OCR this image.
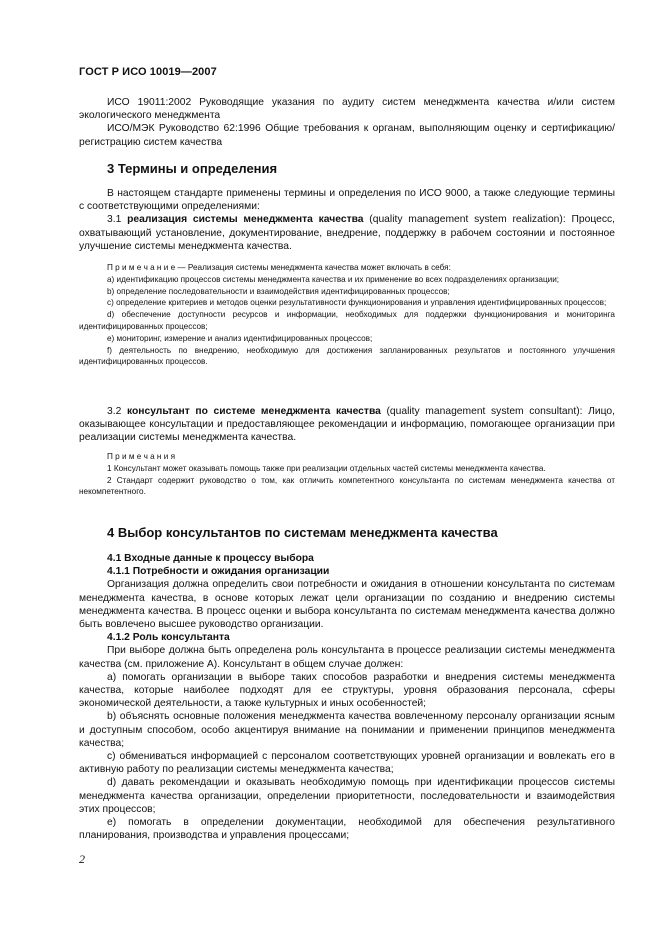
ГОСТ Р ИСО 10019—2007

ИСО 19011:2002 Руководящие указания по аудиту систем менеджмента качества и/или систем экологического менеджмента

ИСО/МЭК Руководство 62:1996 Общие требования к органам, выполняющим оценку и сертификацию/регистрацию систем качества

3 Термины и определения

В настоящем стандарте применены термины и определения по ИСО 9000, а также следующие термины с соответствующими определениями:

3.1 реализация системы менеджмента качества (quality management system realization): Процесс, охватывающий установление, документирование, внедрение, поддержку в рабочем состоянии и постоянное улучшение системы менеджмента качества.

П р и м е ч а н и е — Реализация системы менеджмента качества может включать в себя:

a) идентификацию процессов системы менеджмента качества и их применение во всех подразделениях организации;

b) определение последовательности и взаимодействия идентифицированных процессов;

c) определение критериев и методов оценки результативности функционирования и управления идентифицированных процессов;

d) обеспечение доступности ресурсов и информации, необходимых для поддержки функционирования и мониторинга идентифицированных процессов;

e) мониторинг, измерение и анализ идентифицированных процессов;

f) деятельность по внедрению, необходимую для достижения запланированных результатов и постоянного улучшения идентифицированных процессов.

3.2 консультант по системе менеджмента качества (quality management system consultant): Лицо, оказывающее консультации и предоставляющее рекомендации и информацию, помогающее организации при реализации системы менеджмента качества.

П р и м е ч а н и я

1 Консультант может оказывать помощь также при реализации отдельных частей системы менеджмента качества.

2 Стандарт содержит руководство о том, как отличить компетентного консультанта по системам менеджмента качества от некомпетентного.

4 Выбор консультантов по системам менеджмента качества

4.1 Входные данные к процессу выбора

4.1.1 Потребности и ожидания организации

Организация должна определить свои потребности и ожидания в отношении консультанта по системам менеджмента качества, в основе которых лежат цели организации по созданию и внедрению системы менеджмента качества. В процесс оценки и выбора консультанта по системам менеджмента качества должно быть вовлечено высшее руководство организации.

4.1.2 Роль консультанта

При выборе должна быть определена роль консультанта в процессе реализации системы менеджмента качества (см. приложение А). Консультант в общем случае должен:

a) помогать организации в выборе таких способов разработки и внедрения системы менеджмента качества, которые наиболее подходят для ее структуры, уровня образования персонала, сферы экономической деятельности, а также культурных и иных особенностей;

b) объяснять основные положения менеджмента качества вовлеченному персоналу организации ясным и доступным способом, особо акцентируя внимание на понимании и применении принципов менеджмента качества;

c) обмениваться информацией с персоналом соответствующих уровней организации и вовлекать его в активную работу по реализации системы менеджмента качества;

d) давать рекомендации и оказывать необходимую помощь при идентификации процессов системы менеджмента качества организации, определении приоритетности, последовательности и взаимодействия этих процессов;

e) помогать в определении документации, необходимой для обеспечения результативного планирования, производства и управления процессами;

2
